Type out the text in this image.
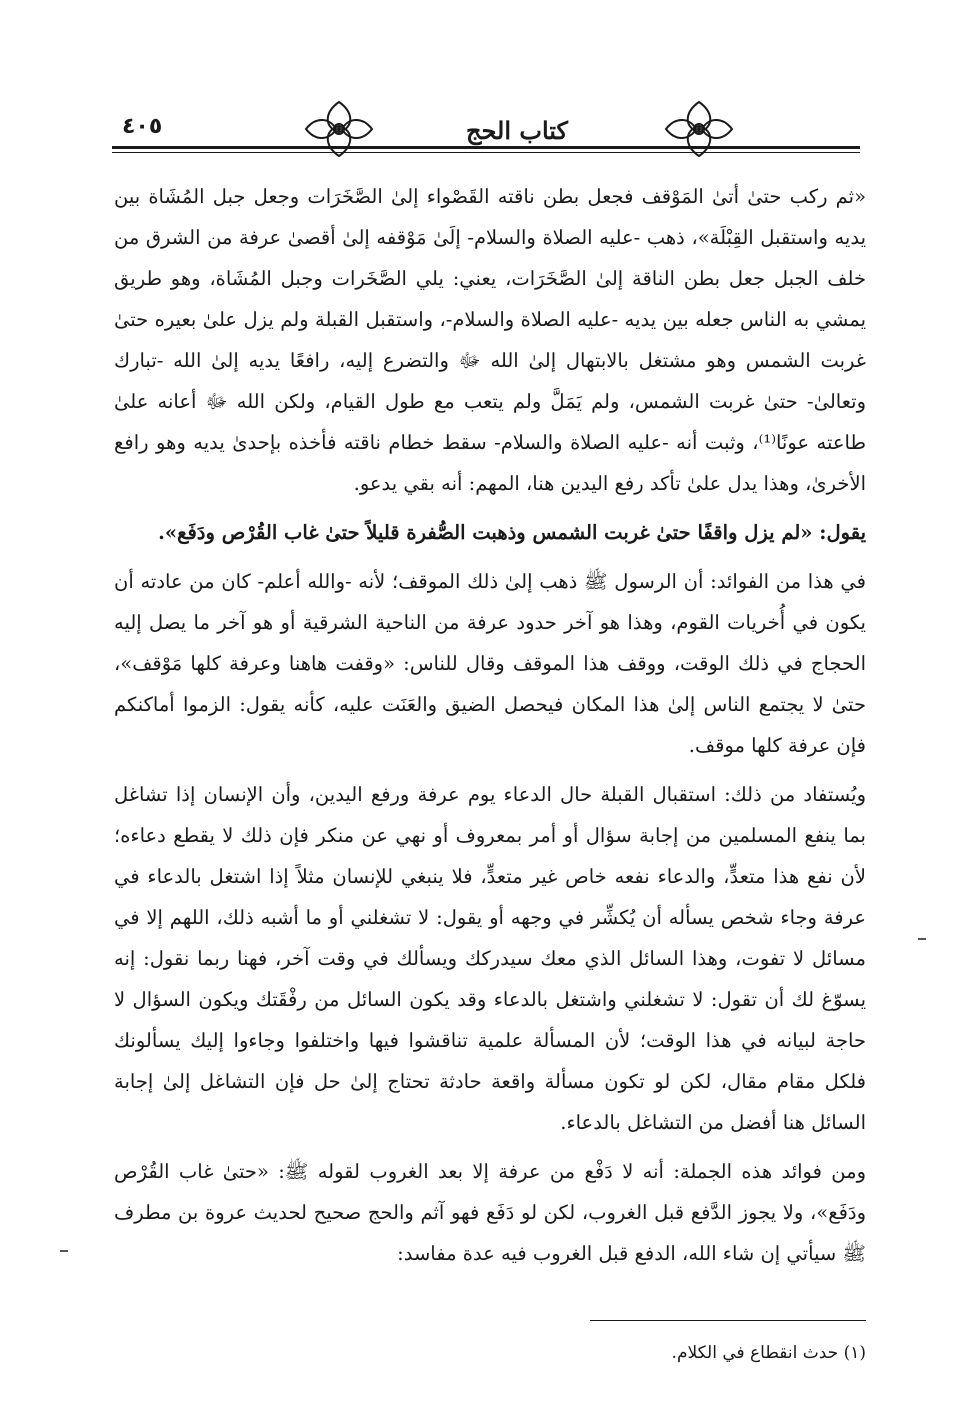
٤٠٥	كتاب الحج

«ثم ركب حتىٰ أتىٰ المَوْقف فجعل بطن ناقته القَصْواء إلىٰ الصَّخَرَات وجعل جبل المُشَاة بين يديه واستقبل القِبْلَة»، ذهب -عليه الصلاة والسلام- إلَىٰ مَوْقفه إلىٰ أقصىٰ عرفة من الشرق من خلف الجبل جعل بطن الناقة إلىٰ الصَّخَرَات، يعني: يلي الصَّخَرات وجبل المُشَاة، وهو طريق يمشي به الناس جعله بين يديه -عليه الصلاة والسلام-، واستقبل القبلة ولم يزل علىٰ بعيره حتىٰ غربت الشمس وهو مشتغل بالابتهال إلىٰ الله ﷻ والتضرع إليه، رافعًا يديه إلىٰ الله -تبارك وتعالىٰ- حتىٰ غربت الشمس، ولم يَمَلَّ ولم يتعب مع طول القيام، ولكن الله ﷻ أعانه علىٰ طاعته عونًا⁽¹⁾، وثبت أنه -عليه الصلاة والسلام- سقط خطام ناقته فأخذه بإحدىٰ يديه وهو رافع الأخرىٰ، وهذا يدل علىٰ تأكد رفع اليدين هنا، المهم: أنه بقي يدعو.

يقول: «لم يزل واقفًا حتىٰ غربت الشمس وذهبت الصُّفرة قليلاً حتىٰ غاب القُرْص ودَفَع».

في هذا من الفوائد: أن الرسول ﷺ ذهب إلىٰ ذلك الموقف؛ لأنه -والله أعلم- كان من عادته أن يكون في أُخريات القوم، وهذا هو آخر حدود عرفة من الناحية الشرقية أو هو آخر ما يصل إليه الحجاج في ذلك الوقت، ووقف هذا الموقف وقال للناس: «وقفت هاهنا وعرفة كلها مَوْقف»، حتىٰ لا يجتمع الناس إلىٰ هذا المكان فيحصل الضيق والعَنَت عليه، كأنه يقول: الزموا أماكنكم فإن عرفة كلها موقف.

ويُستفاد من ذلك: استقبال القبلة حال الدعاء يوم عرفة ورفع اليدين، وأن الإنسان إذا تشاغل بما ينفع المسلمين من إجابة سؤال أو أمر بمعروف أو نهي عن منكر فإن ذلك لا يقطع دعاءه؛ لأن نفع هذا متعدٍّ، والدعاء نفعه خاص غير متعدٍّ، فلا ينبغي للإنسان مثلاً إذا اشتغل بالدعاء في عرفة وجاء شخص يسأله أن يُكشِّر في وجهه أو يقول: لا تشغلني أو ما أشبه ذلك، اللهم إلا في مسائل لا تفوت، وهذا السائل الذي معك سيدركك ويسألك في وقت آخر، فهنا ربما نقول: إنه يسوّغ لك أن تقول: لا تشغلني واشتغل بالدعاء وقد يكون السائل من رفْقَتك ويكون السؤال لا حاجة لبيانه في هذا الوقت؛ لأن المسألة علمية تناقشوا فيها واختلفوا وجاءوا إليك يسألونك فلكل مقام مقال، لكن لو تكون مسألة واقعة حادثة تحتاج إلىٰ حل فإن التشاغل إلىٰ إجابة السائل هنا أفضل من التشاغل بالدعاء.

ومن فوائد هذه الجملة: أنه لا دَفْع من عرفة إلا بعد الغروب لقوله ﷺ: «حتىٰ غاب القُرْص ودَفَع»، ولا يجوز الدَّفع قبل الغروب، لكن لو دَفَع فهو آثم والحج صحيح لحديث عروة بن مطرف ﷺ سيأتي إن شاء الله، الدفع قبل الغروب فيه عدة مفاسد:

(١) حدث انقطاع في الكلام.
